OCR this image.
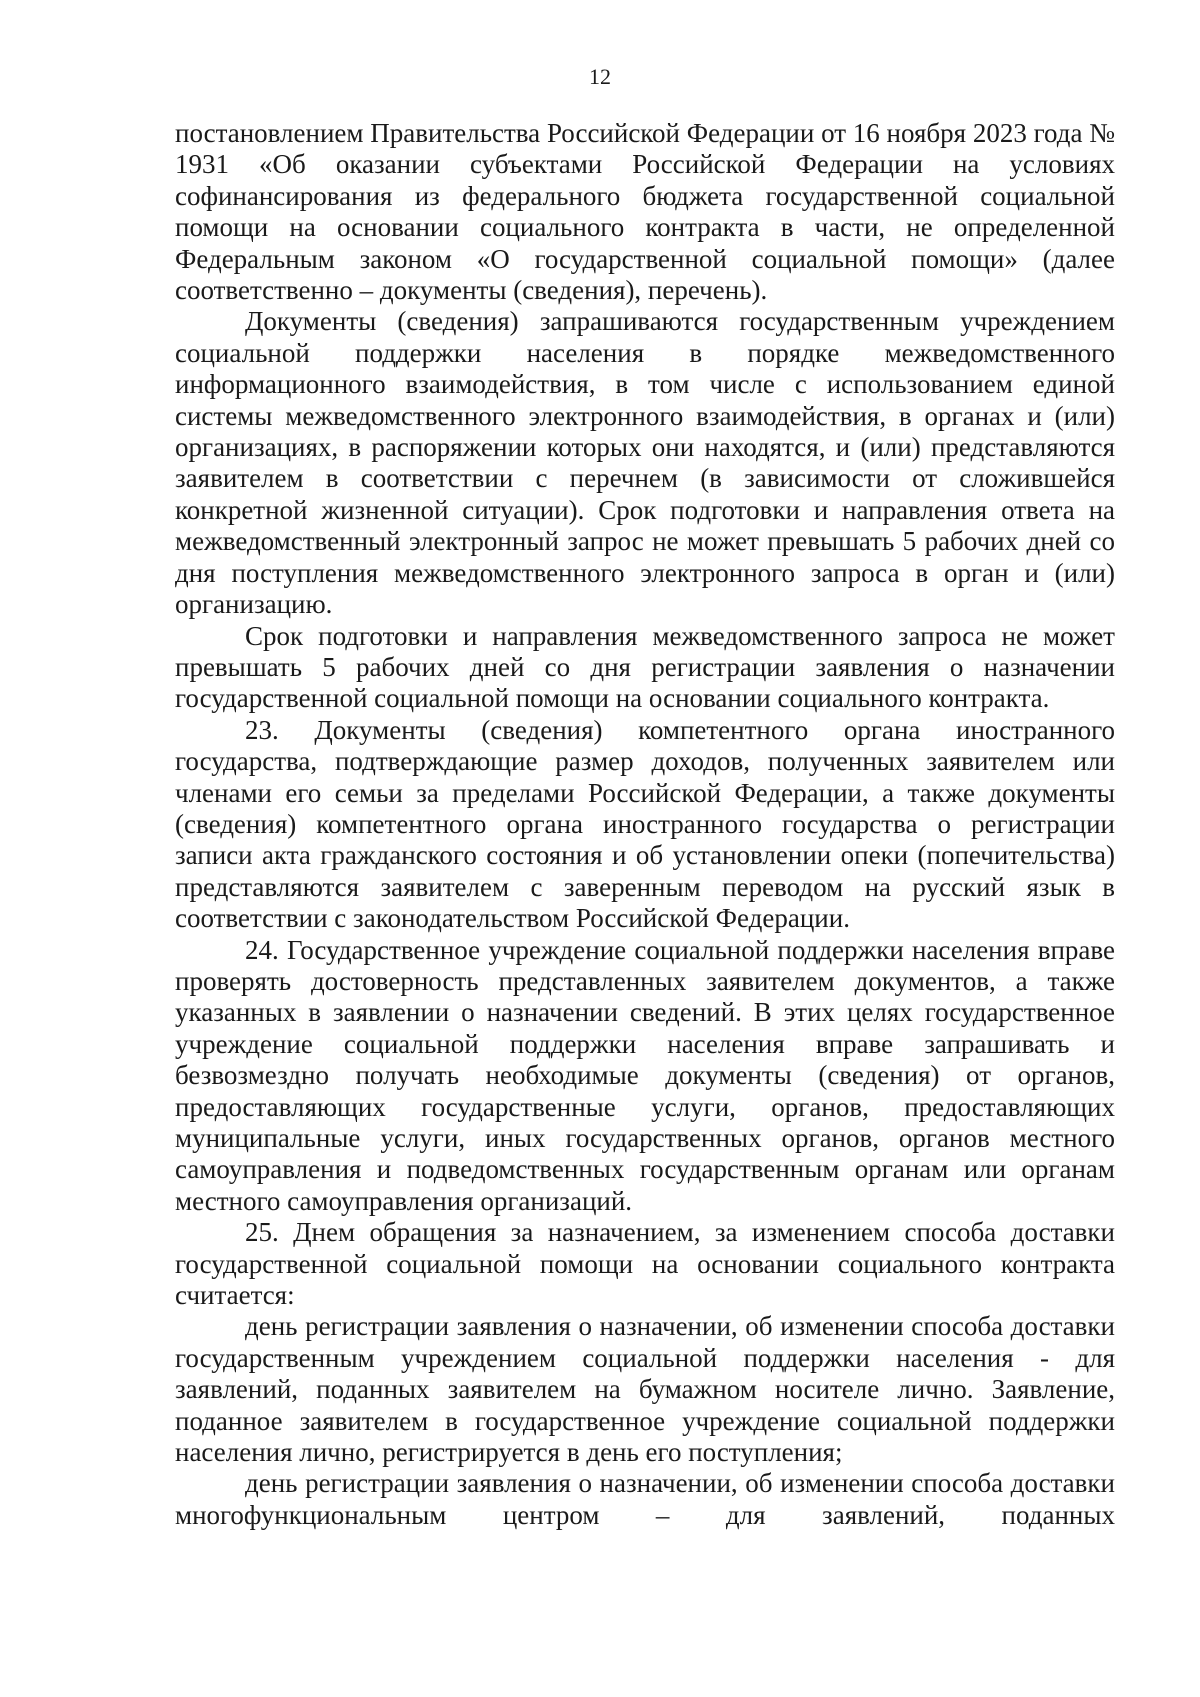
12

постановлением Правительства Российской Федерации от 16 ноября 2023 года № 1931 «Об оказании субъектами Российской Федерации на условиях софинансирования из федерального бюджета государственной социальной помощи на основании социального контракта в части, не определенной Федеральным законом «О государственной социальной помощи» (далее соответственно – документы (сведения), перечень).

Документы (сведения) запрашиваются государственным учреждением социальной поддержки населения в порядке межведомственного информационного взаимодействия, в том числе с использованием единой системы межведомственного электронного взаимодействия, в органах и (или) организациях, в распоряжении которых они находятся, и (или) представляются заявителем в соответствии с перечнем (в зависимости от сложившейся конкретной жизненной ситуации). Срок подготовки и направления ответа на межведомственный электронный запрос не может превышать 5 рабочих дней со дня поступления межведомственного электронного запроса в орган и (или) организацию.

Срок подготовки и направления межведомственного запроса не может превышать 5 рабочих дней со дня регистрации заявления о назначении государственной социальной помощи на основании социального контракта.

23. Документы (сведения) компетентного органа иностранного государства, подтверждающие размер доходов, полученных заявителем или членами его семьи за пределами Российской Федерации, а также документы (сведения) компетентного органа иностранного государства о регистрации записи акта гражданского состояния и об установлении опеки (попечительства) представляются заявителем с заверенным переводом на русский язык в соответствии с законодательством Российской Федерации.

24. Государственное учреждение социальной поддержки населения вправе проверять достоверность представленных заявителем документов, а также указанных в заявлении о назначении сведений. В этих целях государственное учреждение социальной поддержки населения вправе запрашивать и безвозмездно получать необходимые документы (сведения) от органов, предоставляющих государственные услуги, органов, предоставляющих муниципальные услуги, иных государственных органов, органов местного самоуправления и подведомственных государственным органам или органам местного самоуправления организаций.

25. Днем обращения за назначением, за изменением способа доставки государственной социальной помощи на основании социального контракта считается:

день регистрации заявления о назначении, об изменении способа доставки государственным учреждением социальной поддержки населения - для заявлений, поданных заявителем на бумажном носителе лично. Заявление, поданное заявителем в государственное учреждение социальной поддержки населения лично, регистрируется в день его поступления;

день регистрации заявления о назначении, об изменении способа доставки многофункциональным центром – для заявлений, поданных
